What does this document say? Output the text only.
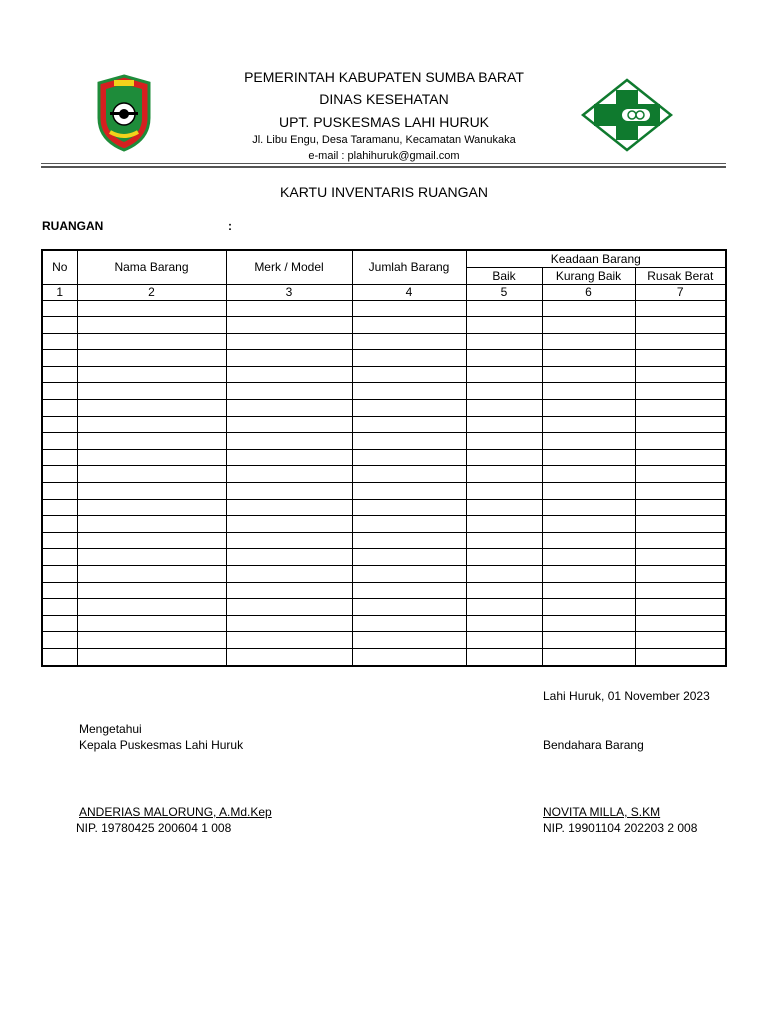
PEMERINTAH KABUPATEN SUMBA BARAT
DINAS KESEHATAN
UPT. PUSKESMAS LAHI HURUK
Jl. Libu Engu, Desa Taramanu, Kecamatan Wanukaka
e-mail : plahihuruk@gmail.com
KARTU INVENTARIS RUANGAN
RUANGAN	:
No	Nama Barang	Merk / Model	Jumlah Barang	Keadaan Barang		
				Baik	Kurang Baik	Rusak Berat
1	2	3	4	5	6	7

Lahi Huruk, 01 November 2023
Mengetahui
Kepala Puskesmas Lahi Huruk	Bendahara Barang
ANDERIAS MALORUNG, A.Md.Kep
NIP. 19780425 200604 1 008
NOVITA MILLA, S.KM
NIP. 19901104 202203 2 008
